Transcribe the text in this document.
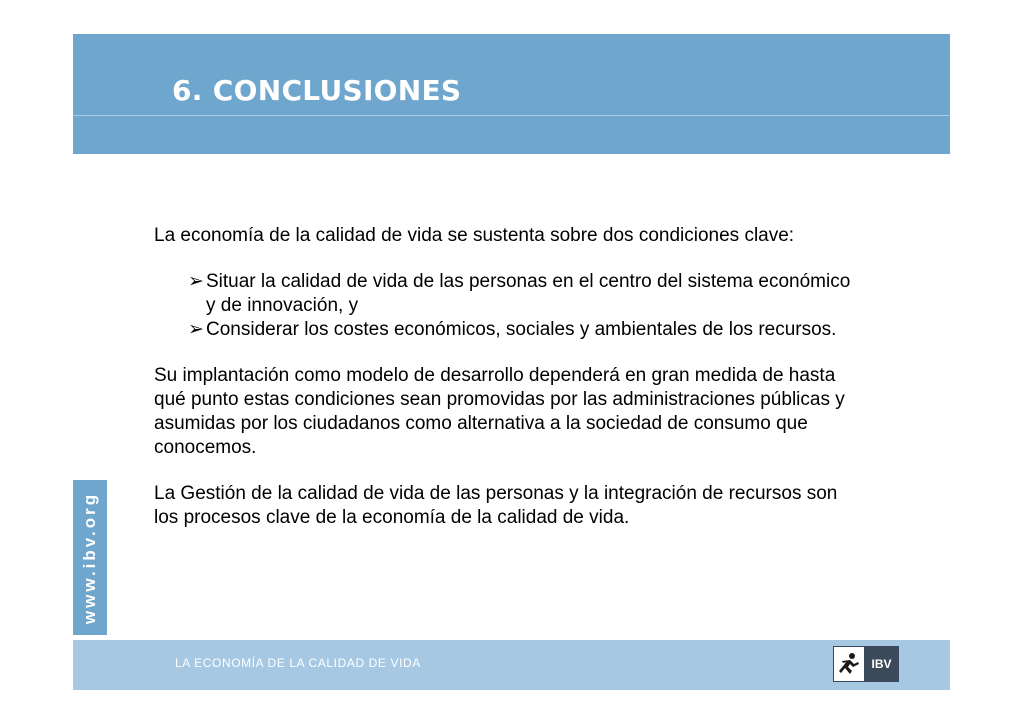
6. CONCLUSIONES
www.ibv.org

La economía de la calidad de vida se sustenta sobre dos condiciones clave:

➢ Situar la calidad de vida de las personas en el centro del sistema económico y de innovación, y
➢ Considerar los costes económicos, sociales y ambientales de los recursos.

Su implantación como modelo de desarrollo dependerá en gran medida de hasta qué punto estas condiciones sean promovidas por las administraciones públicas y asumidas por los ciudadanos como alternativa a la sociedad de consumo que conocemos.

La Gestión de la calidad de vida de las personas y la integración de recursos son los procesos clave de la economía de la calidad de vida.

LA ECONOMÍA DE LA CALIDAD DE VIDA	IBV
